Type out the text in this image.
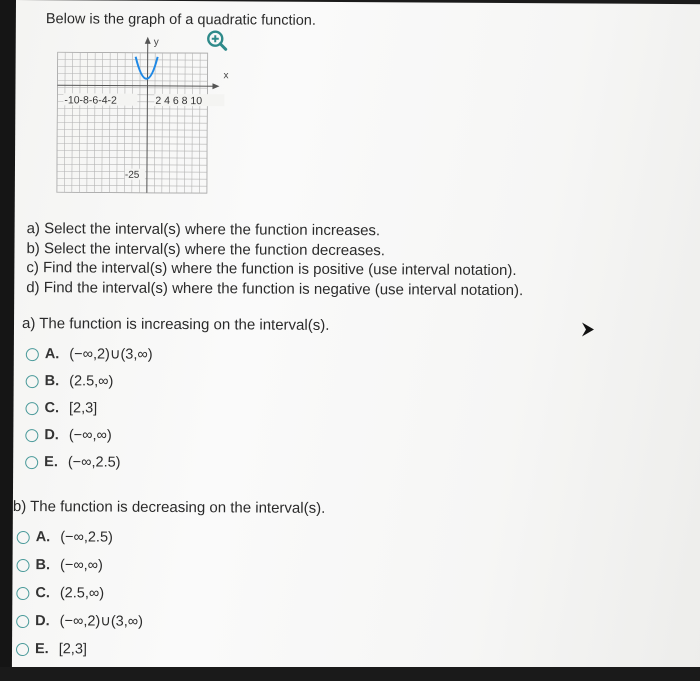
Below is the graph of a quadratic function.
y
x
-10-8-6-4-2	2 4 6 8 10
-25
a) Select the interval(s) where the function increases.
b) Select the interval(s) where the function decreases.
c) Find the interval(s) where the function is positive (use interval notation).
d) Find the interval(s) where the function is negative (use interval notation).
a) The function is increasing on the interval(s).
A. (−∞,2)∪(3,∞)
B. (2.5,∞)
C. [2,3]
D. (−∞,∞)
E. (−∞,2.5)
b) The function is decreasing on the interval(s).
A. (−∞,2.5)
B. (−∞,∞)
C. (2.5,∞)
D. (−∞,2)∪(3,∞)
E. [2,3]
